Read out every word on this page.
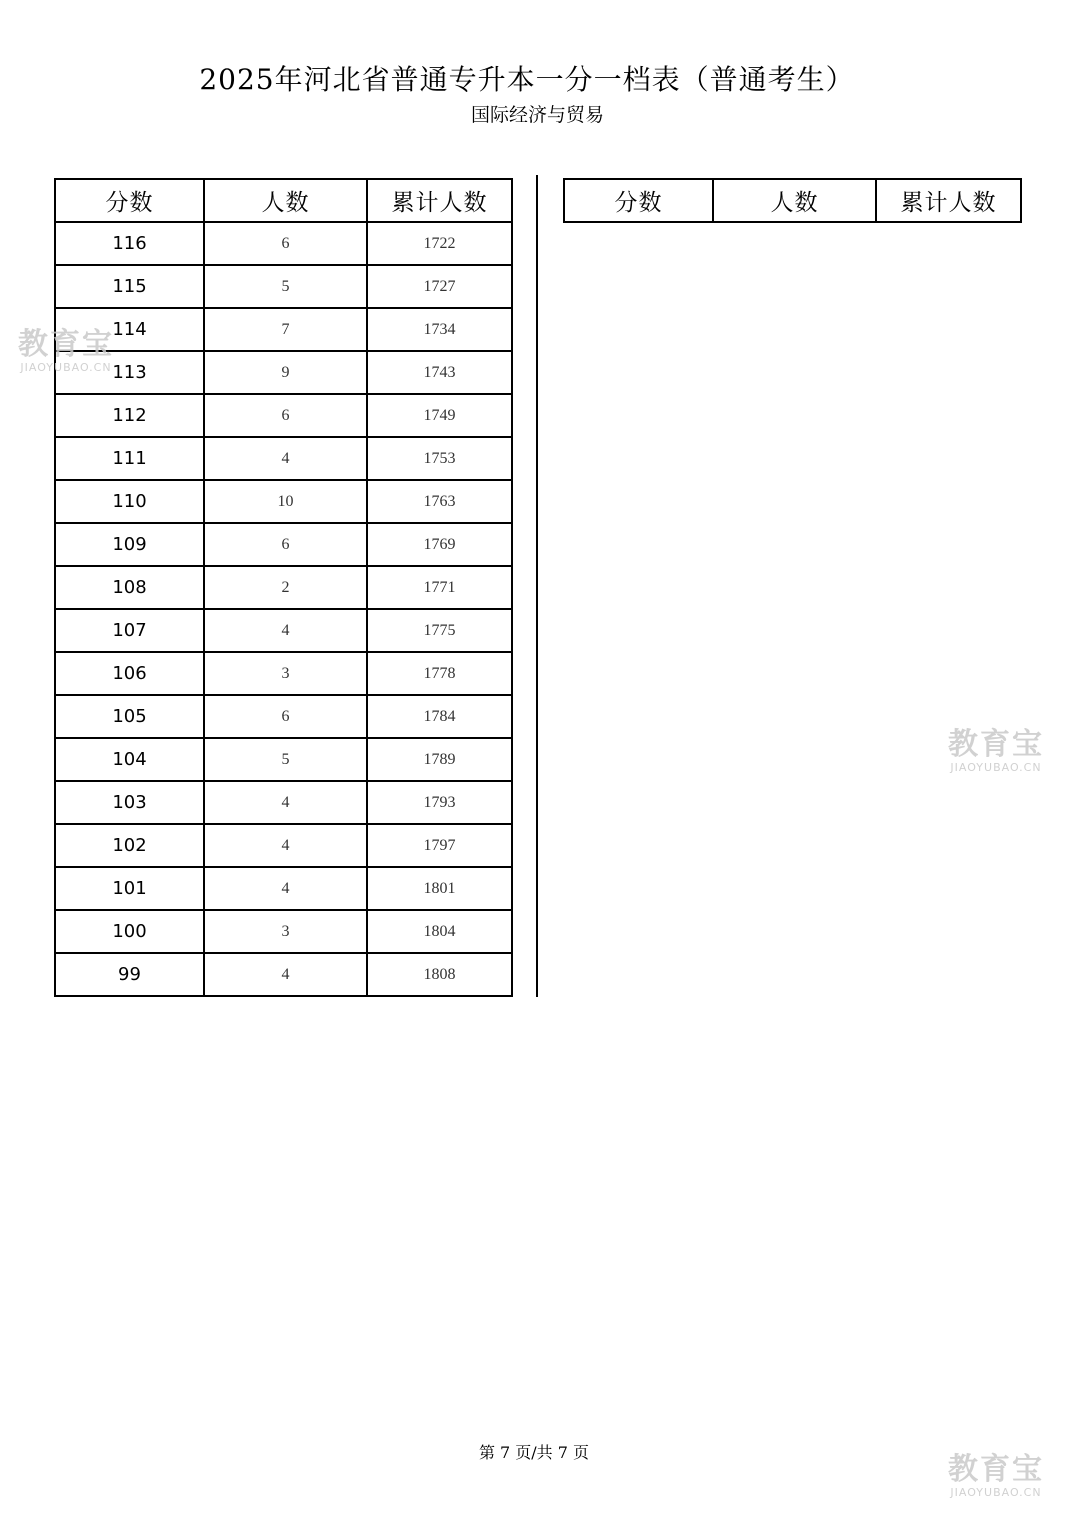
2025年河北省普通专升本一分一档表（普通考生）
国际经济与贸易
分数	人数	累计人数
116	6	1722
115	5	1727
114	7	1734
113	9	1743
112	6	1749
111	4	1753
110	10	1763
109	6	1769
108	2	1771
107	4	1775
106	3	1778
105	6	1784
104	5	1789
103	4	1793
102	4	1797
101	4	1801
100	3	1804
99	4	1808
分数	人数	累计人数
第 7 页/共 7 页
教育宝
JIAOYUBAO.CN
教育宝
JIAOYUBAO.CN
教育宝
JIAOYUBAO.CN
